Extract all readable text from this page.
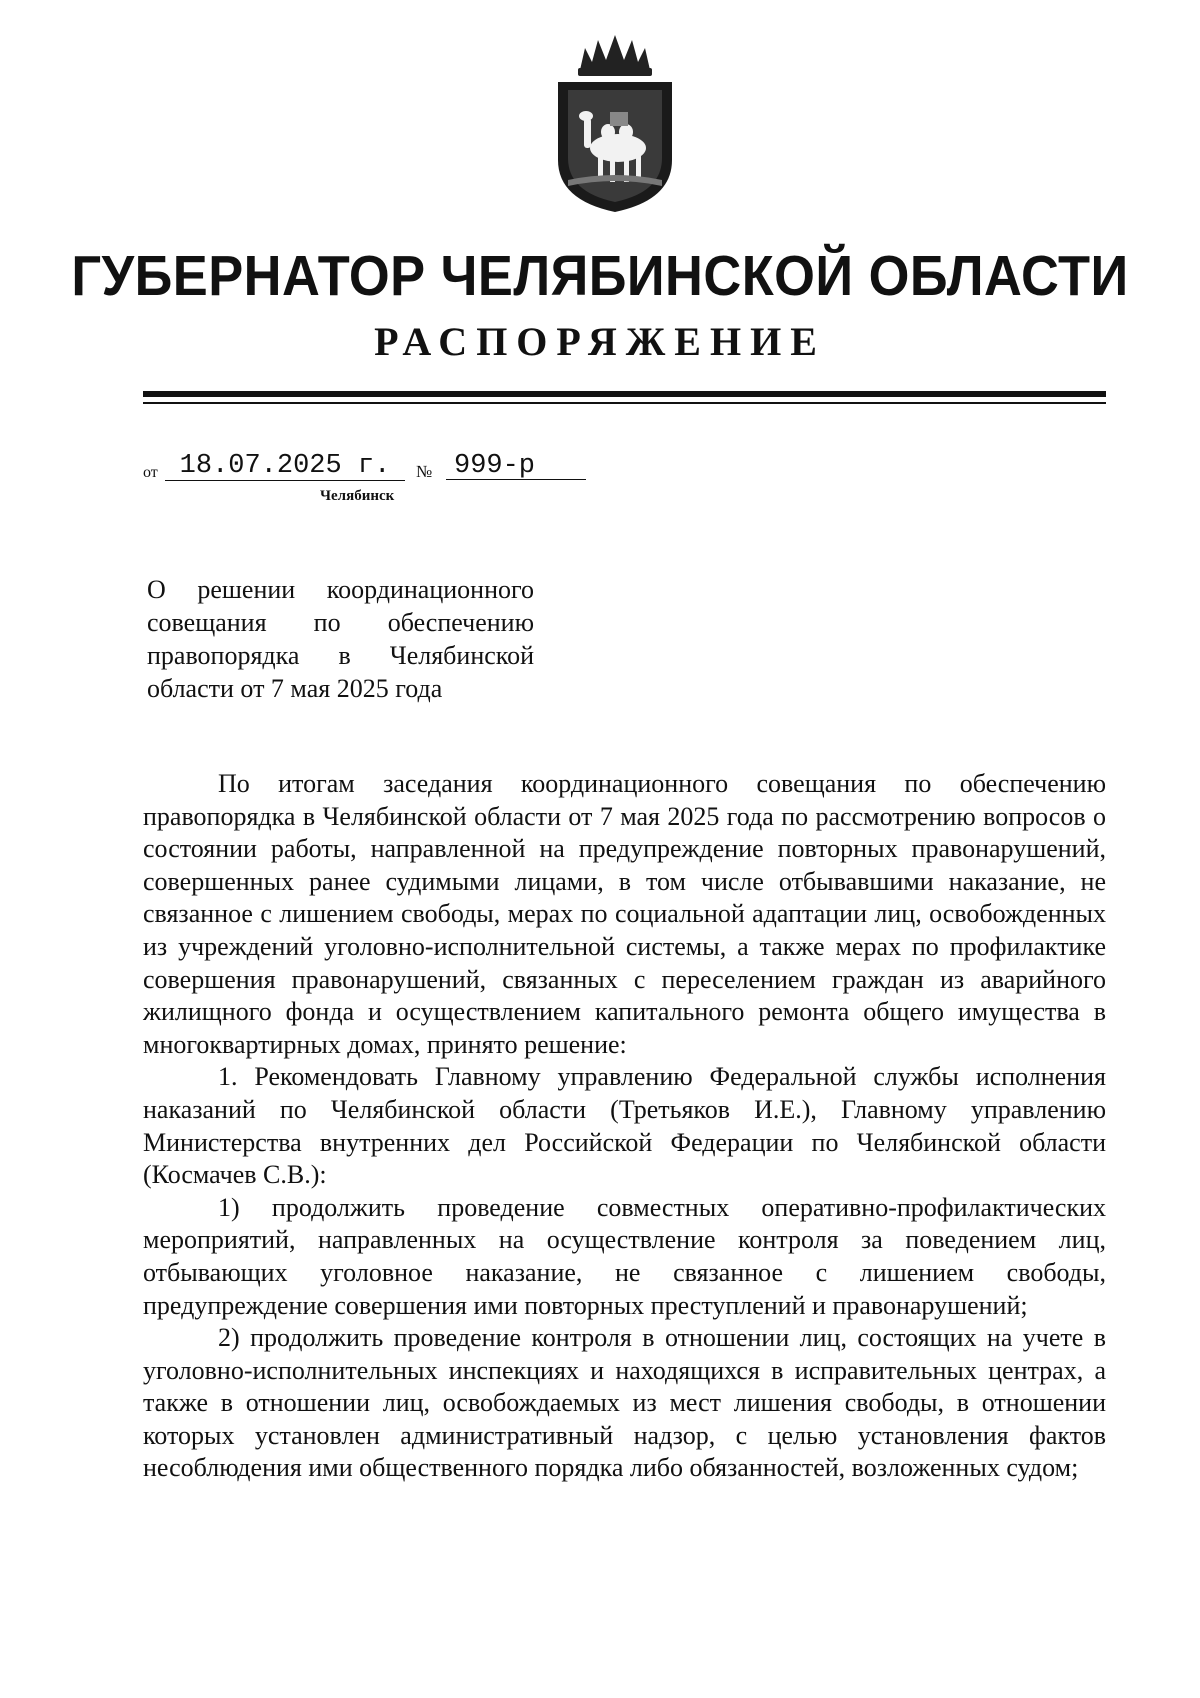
ГУБЕРНАТОР ЧЕЛЯБИНСКОЙ ОБЛАСТИ
РАСПОРЯЖЕНИЕ
от 18.07.2025 г.	№ 999-р
Челябинск
О решении координационного совещания по обеспечению правопорядка в Челябинской области от 7 мая 2025 года

По итогам заседания координационного совещания по обеспечению правопорядка в Челябинской области от 7 мая 2025 года по рассмотрению вопросов о состоянии работы, направленной на предупреждение повторных правонарушений, совершенных ранее судимыми лицами, в том числе отбывавшими наказание, не связанное с лишением свободы, мерах по социальной адаптации лиц, освобожденных из учреждений уголовно-исполнительной системы, а также мерах по профилактике совершения правонарушений, связанных с переселением граждан из аварийного жилищного фонда и осуществлением капитального ремонта общего имущества в многоквартирных домах, принято решение:

1. Рекомендовать Главному управлению Федеральной службы исполнения наказаний по Челябинской области (Третьяков И.Е.), Главному управлению Министерства внутренних дел Российской Федерации по Челябинской области (Космачев С.В.):

1) продолжить проведение совместных оперативно-профилактических мероприятий, направленных на осуществление контроля за поведением лиц, отбывающих уголовное наказание, не связанное с лишением свободы, предупреждение совершения ими повторных преступлений и правонарушений;

2) продолжить проведение контроля в отношении лиц, состоящих на учете в уголовно-исполнительных инспекциях и находящихся в исправительных центрах, а также в отношении лиц, освобождаемых из мест лишения свободы, в отношении которых установлен административный надзор, с целью установления фактов несоблюдения ими общественного порядка либо обязанностей, возложенных судом;
